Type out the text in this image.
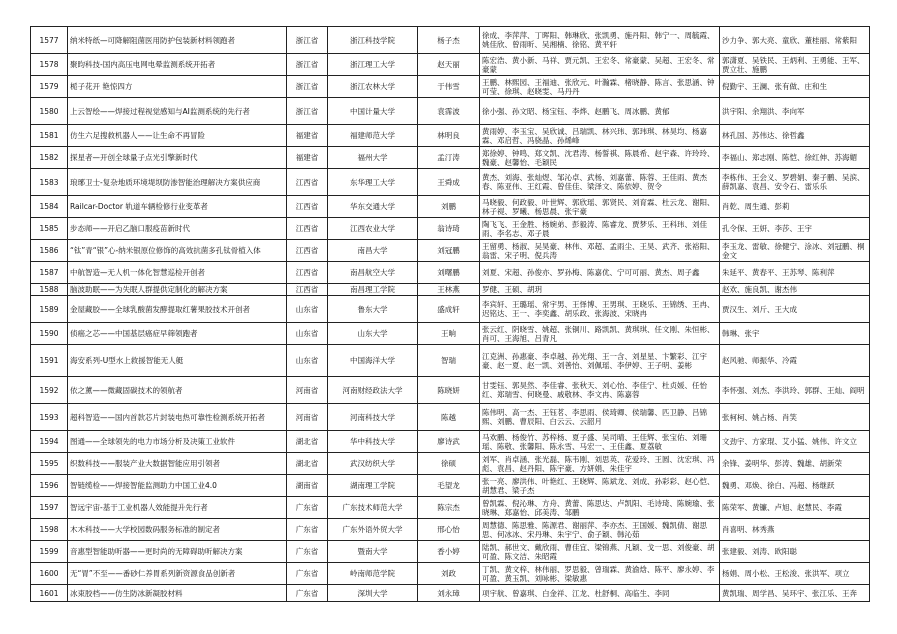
1577	纳米特纸—可降解阻菌医用防护包装新材料领跑者	浙江省	浙江科技学院	杨子杰	徐成、李萍萍、丁晖阳、韩琳欣、张凯勇、施丹阳、韩宁一、周毓霞、姚佳欣、曾雨昕、吴湘楠、徐铭、黄平轩	沙力争、郭大亮、童欣、董桂丽、常紫阳
1578	聚昀科技-国内高压电网电晕监测系统开拓者	浙江省	浙江理工大学	赵天丽	陈宏浩、黄小新、马祥、贾元凯、王宏冬、常豪蒙、吴超、王宏冬、常豪蒙	郭潇夏、吴铁民、王炳利、王勇能、王军、贾立壮、施鹏
1579	栀子花开 艳惊四方	浙江省	浙江农林大学	于伟雪	王鹏、林熙园、王福迪、张欣元、叶瀚霖、楮晓静、陈言、张思涵、钟可莹、徐琪、赵晓雯、马丹丹	倪勤宇、王澜、张有做、庄和生
1580	上云智绘——焊接过程视觉感知与AI监测系统的先行者	浙江省	中国计量大学	袁霈波	徐小强、孙文昭、杨宝钰、李烨、赵鹏飞、周冰鹏、黄郁	洪宇阳、余翔洪、李向军
1581	仿生六足搜救机器人——让生命不再冒险	福建省	福建师范大学	林明良	黄雨婷、李玉宝、吴欣诚、吕瑞凯、林兴玮、郭玮琪、林昊均、杨嘉霖、邓启哲、冯骁晶、孙烯峰	林孔国、苏伟达、徐哲鑫
1582	探星者—开创全球量子点光引擎新时代	福建省	福州大学	孟汀涛	郑徐婷、钟鸣、郑文凯、沈君涛、杨誓祺、陈晨希、赵宇森、许玲玲、魏豪、赵馨怡、毛颖民	李福山、郑志刚、陈恺、徐红伸、苏海媚
1583	琅琊卫士-复杂地质环境堤坝防渗智能治理解决方案供应商	江西省	东华理工大学	王舜成	黄杰、刘海、张灿煜、邹沁卓、武杨、刘嘉蕾、陈蓉、王佳雨、黄杰春、陈亚伟、王红霞、曾佳佳、梁泽文、陈依婷、贺令	李栋伟、王会义、罗碧娟、秦子鹏、吴滨、薛凯嘉、袁昌、安令石、雷乐乐
1584	Railcar-Doctor 轨道车辆检修行业变革者	江西省	华东交通大学	刘鹏	马晓毅、何政毅、叶世辉、郭欣瑶、郭贤民、刘育霖、杜云龙、谢阳、林子禔、罗曦、杨思晨、张宇豪	肖乾、周生通、彭莉
1585	步态师——开启乙脑口服疫苗新时代	江西省	江西农业大学	翁诗琦	陶飞飞、王金胜、杨婉弟、彭毅涛、陈睿龙、贾梦乐、王科玮、刘佳雨、李名志、邓子晨	孔令保、王妍、李莎、王宇
1586	“钛”青“银”心-纳米银原位修饰的高效抗菌多孔钛骨植入体	江西省	南昌大学	刘冠鹏	王留勇、杨淑、吴昊豪、林伟、邓超、孟雨尘、王昊、武齐、张裕阳、翁雷、宋子明、倪兵涛	李玉龙、雷敏、徐健宁、涂冰、刘冠鹏、桐金文
1587	中航智造—无人机一体化智慧巡检开创者	江西省	南昌航空大学	刘曙鹏	刘夏、宋超、孙俊亦、罗孙梅、陈嘉优、宁可可丽、黄杰、周子鑫	朱延平、黄春平、王苏琴、陈利萍
1588	脑波助眠——为失眠人群提供定制化的解决方案	江西省	南昌理工学院	王林燕	罗健、王硕、胡玥	赵欢、施良凯、谢杰伟
1589	金屋藏胶——全球乳酸菌发酵提取红薯果胶技术开创者	山东省	鲁东大学	盛成轩	李宾轩、王璐瑶、常宇男、王怿博、王男琪、王晓乐、王锦绣、王冉、迟铭达、王一、李奕鑫、胡乐政、张海波、宋晓冉	贾汉生、刘斤、王大成
1590	侦癌之芯——中国基层癌症早筛领跑者	山东省	山东大学	王晌	张云红、阴晓雪、姚超、张铜川、路凯凯、黄琪琪、任文刚、朱恒彬、肖可、王海旭、吕青凡	韩琳、张宇
1591	海安系列-U型水上救援智能无人艇	山东省	中国海洋大学	智瑞	江克洲、孙惠豪、李卓越、孙光翔、王一含、刘星星、卞繁彩、江宇豪、赵一夏、赵一凯、刘善怡、刘佩瑶、李伊婷、王子明、姜彬	赵风驰、师振华、冷霞
1592	依之薰——微藏固碳技术的领航者	河南省	河南财经政法大学	陈晓妍	甘雯钰、郭昊然、李佳睿、张秋天、刘心怡、李佳宁、杜贞媛、任怡红、郑瑞雪、何晓曼、戚敬林、李文冉、陈嘉蓉	李怀强、刘杰、李洪玲、郭群、王灿、阎明
1593	超科智造——国内首款芯片封装电热可靠性检测系统开拓者	河南省	河南科技大学	陈越	陈伟明、高一杰、王钰茗、李思雨、侯琦卿、侯瑞馨、匹卫静、吕锦熙、刘鹏、曹辰阳、白云云、云韶月	张柯柯、姚占杨、肖笑
1594	图通——全球领先的电力市场分析及决策工业软件	湖北省	华中科技大学	廖诗武	马欢鹏、杨俊竹、苏梓杨、夏子盛、吴司晴、王佳辉、张宝佑、刘珊瑶、陈敬、张馨阳、陈永雪、马宏一、王佳鑫、夏荔敏	文劲宇、方家琨、艾小猛、姚伟、许文立
1595	织数科技——服装产业大数据智能应用引领者	湖北省	武汉纺织大学	徐硕	刘军、肖卓涵、张光磊、陈韦刚、刘思英、花爱玲、王圆、沈宏琪、冯彪、袁昌、赵丹阳、陈宇豪、方妍娟、朱佳宇	余锋、姜明华、彭涛、魏雄、胡新荣
1596	智链缆检——焊接智能监测助力中国工业4.0	湖南省	湖南理工学院	毛望龙	张一亮、廖洪伟、叶艳红、王晓辉、陈斌龙、刘成、孙彩彩、赵心恺、胡慧君、梁子杰	魏勇、邓焕、徐白、冯超、杨继跃
1597	智远宇宙-基于工业机器人效能提升先行者	广东省	广东技术师范大学	陈宗杰	曾凯霖、倪沁琳、方舟、黄蕾、陈思达、卢凯阳、毛诗琦、陈婉瑜、张晓琳、郑嘉怡、邱美涛、邹鹏	陈荣军、黄镰、卢旭、赵慧民、李霞
1598	木木科技——大学校园数码服务标准的制定者	广东省	广东外语外贸大学	邢心怡	周慧德、陈思雅、陈源君、谢丽萍、李亦杰、王国媛、魏凯倩、谢思思、何冰冰、宋丹琳、朱宇宁、俞子颖、韩沁茹	肖喜明、林秀燕
1599	音惠型智能助听器——更时尚的无障碍助听解决方案	广东省	暨南大学	香小婷	陆凯、郝世文、戴欣雨、曹佳宜、梁锦燕、凡颖、戈一思、刘俊豪、胡可盈、陈文洁、朱昭霞	张建毅、刘涛、欧阳聪
1600	无“胃”不至——番砂仁养胃系列新资源食品创新者	广东省	岭南师范学院	刘政	丁凯、黄文梓、林伟丽、罗思毅、曾瑞霖、黄渝焓、陈平、廖永婷、李可盈、黄玉凯、刘咏彬、梁敏惠	杨娟、周小松、王松浚、张洪军、项立
1601	冰束胶档——仿生防冰新凝胶材料	广东省	深圳大学	刘永璋	项宇航、曾嘉琪、白金祥、江龙、杜舒桐、高临生、李同	黄凯瑞、周学昌、吴环宇、张江乐、王奔
